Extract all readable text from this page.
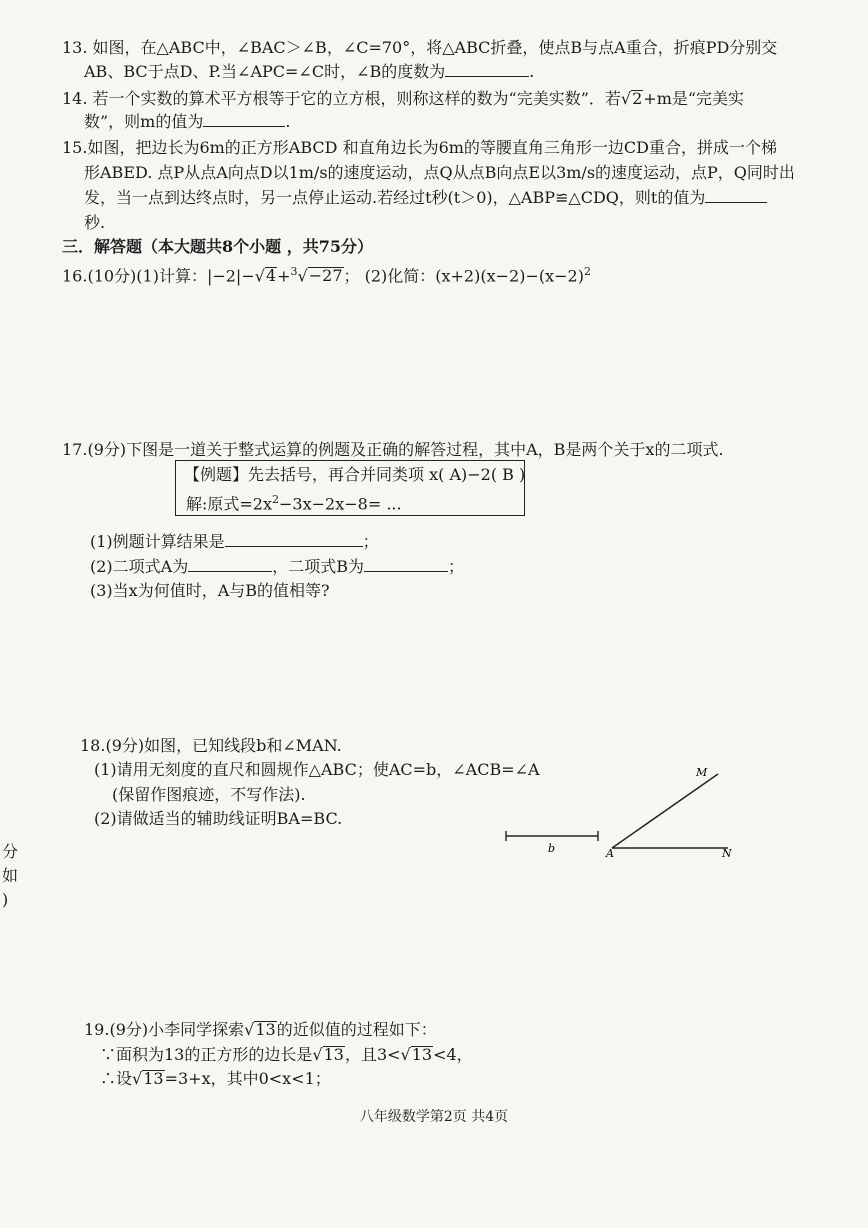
13. 如图，在△ABC中，∠BAC＞∠B，∠C=70°，将△ABC折叠，使点B与点A重合，折痕PD分别交
AB、BC于点D、P.当∠APC=∠C时，∠B的度数为	.
14. 若一个实数的算术平方根等于它的立方根，则称这样的数为“完美实数”．若√2+m是“完美实
数”，则m的值为	.
15.如图，把边长为6m的正方形ABCD 和直角边长为6m的等腰直角三角形一边CD重合，拼成一个梯
形ABED. 点P从点A向点D以1m/s的速度运动，点Q从点B向点E以3m/s的速度运动，点P，Q同时出
发，当一点到达终点时，另一点停止运动.若经过t秒(t＞0)，△ABP≌△CDQ，则t的值为
秒.
三．解答题（本大题共8个小题 ，共75分）
16.(10分)(1)计算：|−2|−√4+$^3$√−27； (2)化简：$(x+2)(x-2)-(x-2)^2$
17.(9分)下图是一道关于整式运算的例题及正确的解答过程，其中A，B是两个关于x的二项式.
【例题】先去括号，再合并同类项 x( A)−2( B )
解:原式$=2x^2-3x-2x-8=$ ...
(1)例题计算结果是	；
(2)二项式A为	，二项式B为	；
(3)当x为何值时，A与B的值相等?
18.(9分)如图，已知线段b和∠MAN.
(1)请用无刻度的直尺和圆规作△ABC；使AC=b，∠ACB=∠A
(保留作图痕迹，不写作法).
(2)请做适当的辅助线证明BA=BC.
b	A
M
N
分
如
)
19.(9分)小李同学探索√13的近似值的过程如下：
∵面积为13的正方形的边长是√13，且3<√13<4，
∴设√13=3+x，其中0<x<1；
八年级数学第2页 共4页
